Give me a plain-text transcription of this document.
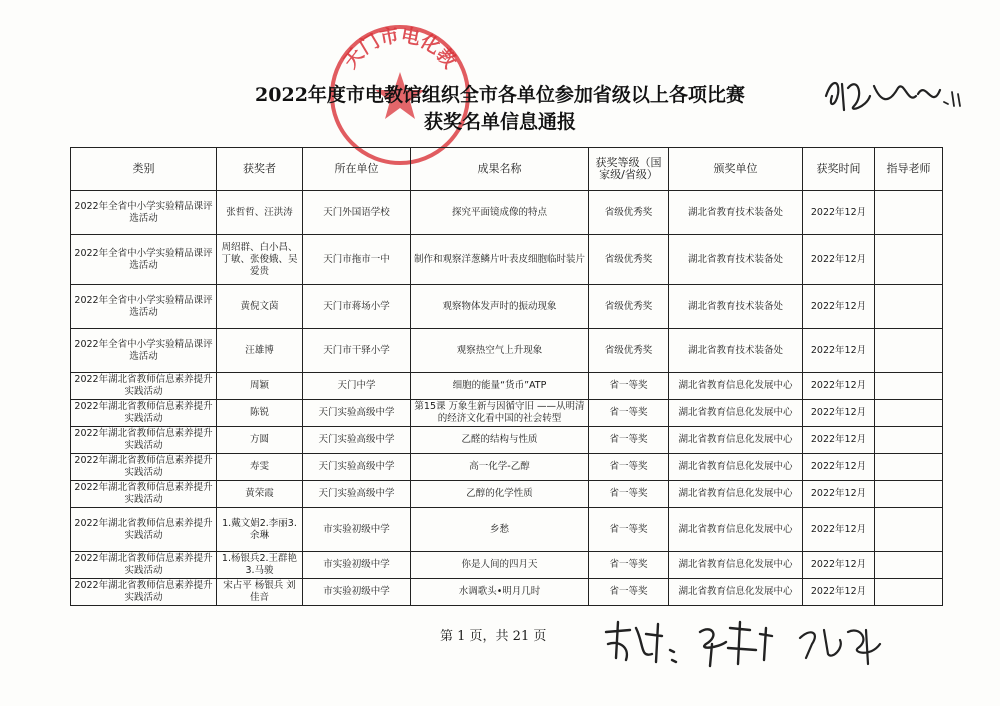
天门市电化教
2022年度市电教馆组织全市各单位参加省级以上各项比赛
获奖名单信息通报
类别	获奖者	所在单位	成果名称	获奖等级（国家级/省级）	颁奖单位	获奖时间	指导老师
2022年全省中小学实验精品课评选活动	张哲哲、汪洪涛	天门外国语学校	探究平面镜成像的特点	省级优秀奖	湖北省教育技术装备处	2022年12月	
2022年全省中小学实验精品课评选活动	周绍群、白小昌、丁敏、张俊娥、吴爱贵	天门市拖市一中	制作和观察洋葱鳞片叶表皮细胞临时装片	省级优秀奖	湖北省教育技术装备处	2022年12月	
2022年全省中小学实验精品课评选活动	黄倪文茵	天门市蒋场小学	观察物体发声时的振动现象	省级优秀奖	湖北省教育技术装备处	2022年12月	
2022年全省中小学实验精品课评选活动	汪雄博	天门市干驿小学	观察热空气上升现象	省级优秀奖	湖北省教育技术装备处	2022年12月	
2022年湖北省教师信息素养提升实践活动	周颖	天门中学	细胞的能量“货币”ATP	省一等奖	湖北省教育信息化发展中心	2022年12月	
2022年湖北省教师信息素养提升实践活动	陈锐	天门实验高级中学	第15课 万象生新与因循守旧 ——从明清的经济文化看中国的社会转型	省一等奖	湖北省教育信息化发展中心	2022年12月	
2022年湖北省教师信息素养提升实践活动	方圆	天门实验高级中学	乙醛的结构与性质	省一等奖	湖北省教育信息化发展中心	2022年12月	
2022年湖北省教师信息素养提升实践活动	寿雯	天门实验高级中学	高一化学-乙醇	省一等奖	湖北省教育信息化发展中心	2022年12月	
2022年湖北省教师信息素养提升实践活动	黄荣霞	天门实验高级中学	乙醇的化学性质	省一等奖	湖北省教育信息化发展中心	2022年12月	
2022年湖北省教师信息素养提升实践活动	1.戴文娟2.李丽3.余琳	市实验初级中学	乡愁	省一等奖	湖北省教育信息化发展中心	2022年12月	
2022年湖北省教师信息素养提升实践活动	1.杨银兵2.王群艳3.马骏	市实验初级中学	你是人间的四月天	省一等奖	湖北省教育信息化发展中心	2022年12月	
2022年湖北省教师信息素养提升实践活动	宋占平 杨银兵 刘佳音	市实验初级中学	水调歌头•明月几时	省一等奖	湖北省教育信息化发展中心	2022年12月	
第 1 页，共 21 页
